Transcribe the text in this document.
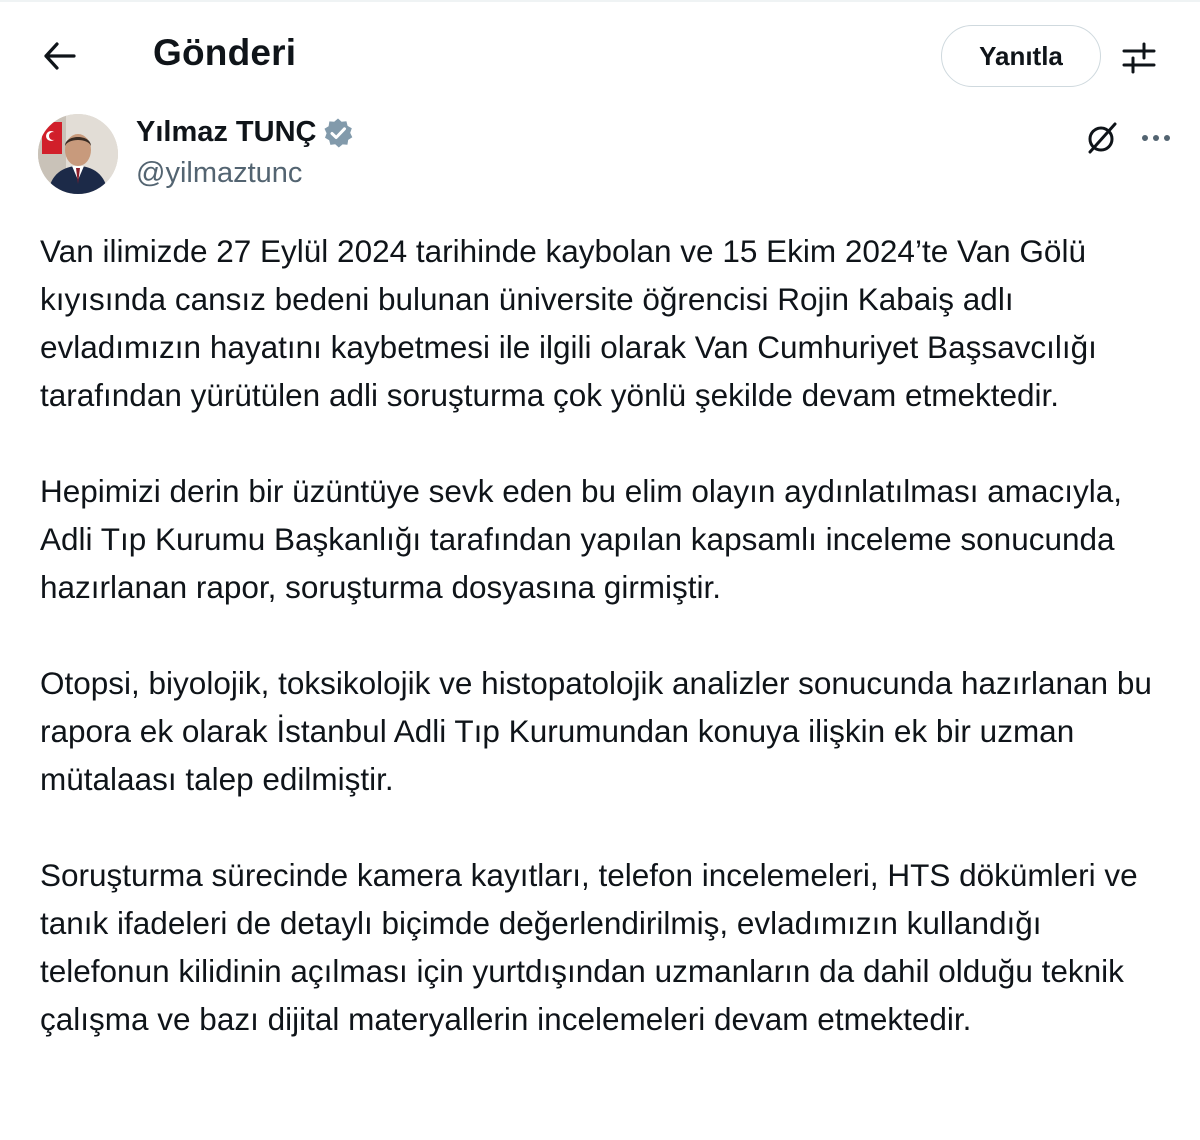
Gönderi	Yanıtla
Yılmaz TUNÇ
@yilmaztunc

Van ilimizde 27 Eylül 2024 tarihinde kaybolan ve 15 Ekim 2024’te Van Gölü kıyısında cansız bedeni bulunan üniversite öğrencisi Rojin Kabaiş adlı evladımızın hayatını kaybetmesi ile ilgili olarak Van Cumhuriyet Başsavcılığı tarafından yürütülen adli soruşturma çok yönlü şekilde devam etmektedir.

Hepimizi derin bir üzüntüye sevk eden bu elim olayın aydınlatılması amacıyla, Adli Tıp Kurumu Başkanlığı tarafından yapılan kapsamlı inceleme sonucunda hazırlanan rapor, soruşturma dosyasına girmiştir.

Otopsi, biyolojik, toksikolojik ve histopatolojik analizler sonucunda hazırlanan bu rapora ek olarak İstanbul Adli Tıp Kurumundan konuya ilişkin ek bir uzman mütalaası talep edilmiştir.

Soruşturma sürecinde kamera kayıtları, telefon incelemeleri, HTS dökümleri ve tanık ifadeleri de detaylı biçimde değerlendirilmiş, evladımızın kullandığı telefonun kilidinin açılması için yurtdışından uzmanların da dahil olduğu teknik çalışma ve bazı dijital materyallerin incelemeleri devam etmektedir.
